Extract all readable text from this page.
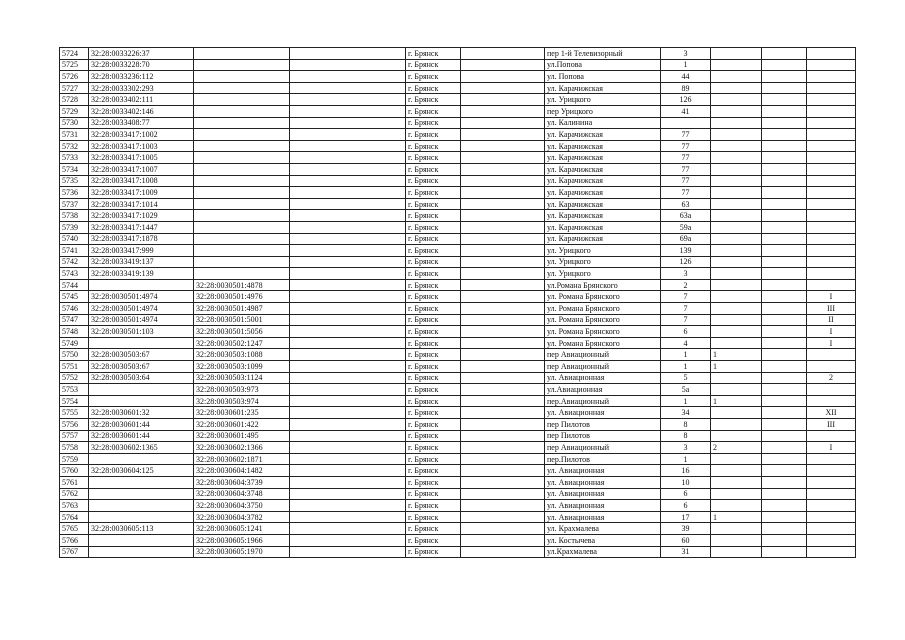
5724	32:28:0033226:37			г. Брянск		пер 1-й Телевизорный	3			
5725	32:28:0033228:70			г. Брянск		ул.Попова	1			
5726	32:28:0033236:112			г. Брянск		ул. Попова	44			
5727	32:28:0033302:293			г. Брянск		ул. Карачижская	89			
5728	32:28:0033402:111			г. Брянск		ул. Урицкого	126			
5729	32:28:0033402:146			г. Брянск		пер Урицкого	41			
5730	32:28:0033408:77			г. Брянск		ул. Калинина				
5731	32:28:0033417:1002			г. Брянск		ул. Карачижская	77			
5732	32:28:0033417:1003			г. Брянск		ул. Карачижская	77			
5733	32:28:0033417:1005			г. Брянск		ул. Карачижская	77			
5734	32:28:0033417:1007			г. Брянск		ул. Карачижская	77			
5735	32:28:0033417:1008			г. Брянск		ул. Карачижская	77			
5736	32:28:0033417:1009			г. Брянск		ул. Карачижская	77			
5737	32:28:0033417:1014			г. Брянск		ул. Карачижская	63			
5738	32:28:0033417:1029			г. Брянск		ул. Карачижская	63а			
5739	32:28:0033417:1447			г. Брянск		ул. Карачижская	59а			
5740	32:28:0033417:1878			г. Брянск		ул. Карачижская	69а			
5741	32:28:0033417:999			г. Брянск		ул. Урицкого	139			
5742	32:28:0033419:137			г. Брянск		ул. Урицкого	126			
5743	32:28:0033419:139			г. Брянск		ул. Урицкого	3			
5744		32:28:0030501:4878		г. Брянск		ул.Романа Брянского	2			
5745	32:28:0030501:4974	32:28:0030501:4976		г. Брянск		ул. Романа Брянского	7			I
5746	32:28:0030501:4974	32:28:0030501:4987		г. Брянск		ул. Романа Брянского	7			III
5747	32:28:0030501:4974	32:28:0030501:5001		г. Брянск		ул. Романа Брянского	7			II
5748	32:28:0030501:103	32:28:0030501:5056		г. Брянск		ул. Романа Брянского	6			I
5749		32:28:0030502:1247		г. Брянск		ул. Романа Брянского	4			I
5750	32:28:0030503:67	32:28:0030503:1088		г. Брянск		пер Авиационный	1	1		
5751	32:28:0030503:67	32:28:0030503:1099		г. Брянск		пер Авиационный	1	1		
5752	32:28:0030503:64	32:28:0030503:1124		г. Брянск		ул. Авиационная	5			2
5753		32:28:0030503:973		г. Брянск		ул.Авиационная	5а			
5754		32:28:0030503:974		г. Брянск		пер.Авиационный	1	1		
5755	32:28:0030601:32	32:28:0030601:235		г. Брянск		ул. Авиационная	34			XII
5756	32:28:0030601:44	32:28:0030601:422		г. Брянск		пер Пилотов	8			III
5757	32:28:0030601:44	32:28:0030601:495		г. Брянск		пер Пилотов	8			
5758	32:28:0030602:1365	32:28:0030602:1366		г. Брянск		пер Авиационный	3	2		I
5759		32:28:0030602:1871		г. Брянск		пер.Пилотов	1			
5760	32:28:0030604:125	32:28:0030604:1482		г. Брянск		ул. Авиационная	16			
5761		32:28:0030604:3739		г. Брянск		ул. Авиационная	10			
5762		32:28:0030604:3748		г. Брянск		ул. Авиационная	6			
5763		32:28:0030604:3750		г. Брянск		ул. Авиационная	6			
5764		32:28:0030604:3782		г. Брянск		ул. Авиационная	17	1		
5765	32:28:0030605:113	32:28:0030605:1241		г. Брянск		ул. Крахмалева	39			
5766		32:28:0030605:1966		г. Брянск		ул. Костычева	60			
5767		32:28:0030605:1970		г. Брянск		ул.Крахмалева	31			
